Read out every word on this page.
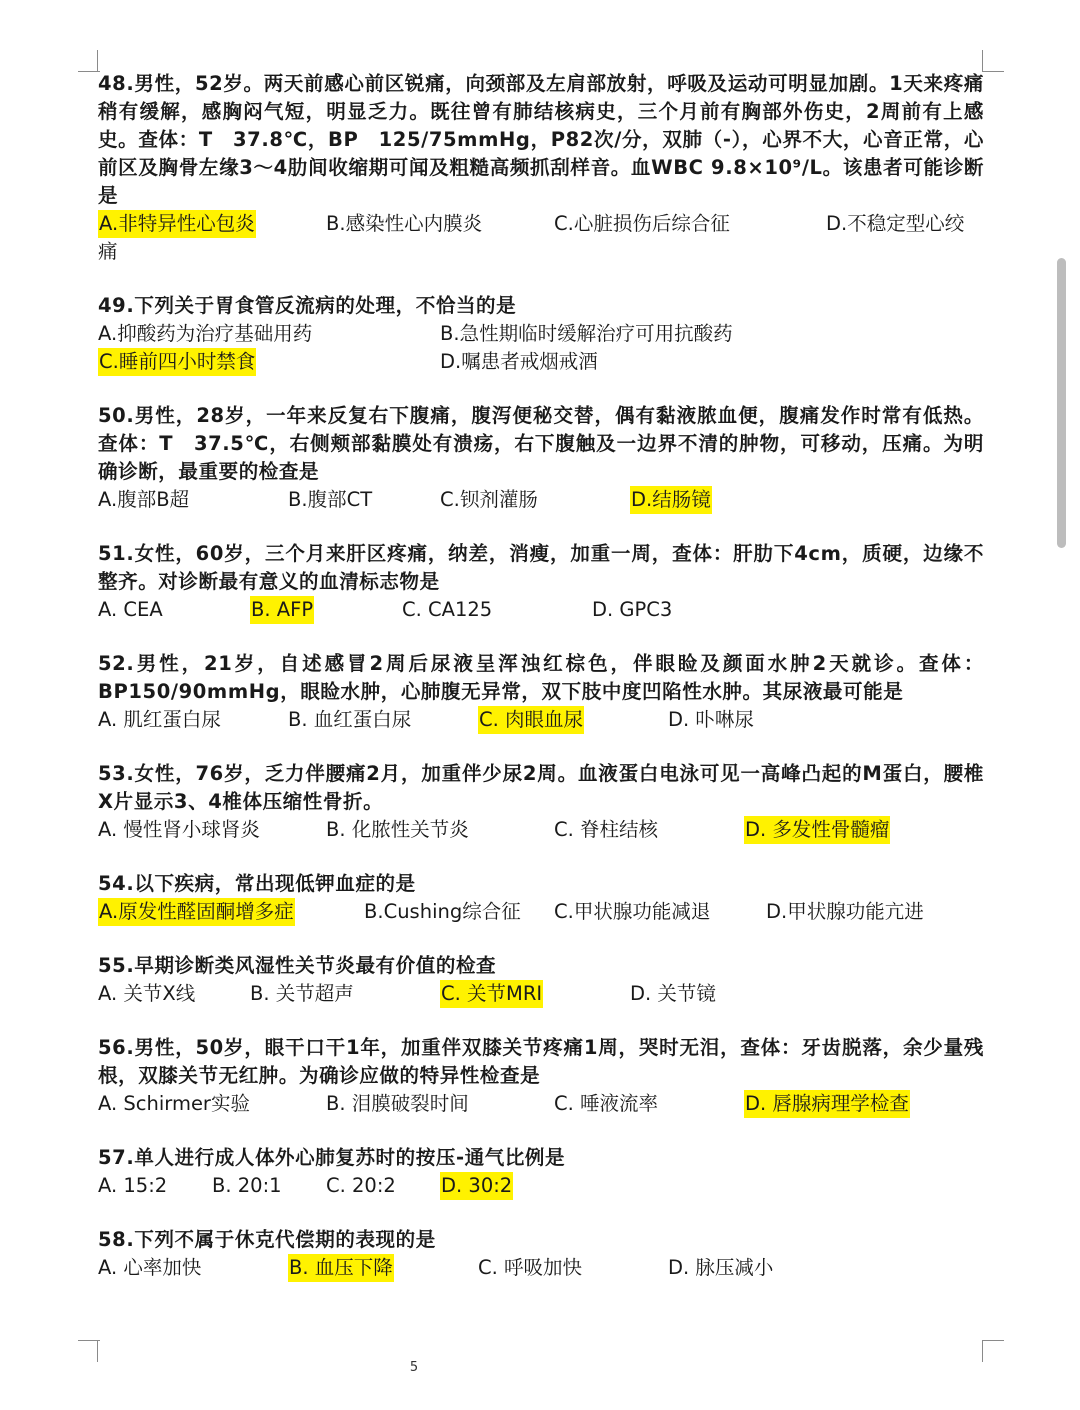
48.男性，52岁。两天前感心前区锐痛，向颈部及左肩部放射，呼吸及运动可明显加剧。1天来疼痛稍有缓解，感胸闷气短，明显乏力。既往曾有肺结核病史，三个月前有胸部外伤史，2周前有上感史。查体：T　37.8℃，BP　125/75mmHg，P82次/分，双肺（-），心界不大，心音正常，心前区及胸骨左缘3～4肋间收缩期可闻及粗糙高频抓刮样音。血WBC 9.8×10⁹/L。该患者可能诊断是
A.非特异性心包炎	B.感染性心内膜炎	C.心脏损伤后综合征	D.不稳定型心绞
痛
49.下列关于胃食管反流病的处理，不恰当的是
A.抑酸药为治疗基础用药	B.急性期临时缓解治疗可用抗酸药
C.睡前四小时禁食	D.嘱患者戒烟戒酒
50.男性，28岁，一年来反复右下腹痛，腹泻便秘交替，偶有黏液脓血便，腹痛发作时常有低热。查体：T　37.5℃，右侧颊部黏膜处有溃疡，右下腹触及一边界不清的肿物，可移动，压痛。为明确诊断，最重要的检查是
A.腹部B超	B.腹部CT	C.钡剂灌肠	D.结肠镜
51.女性，60岁，三个月来肝区疼痛，纳差，消瘦，加重一周，查体：肝肋下4cm，质硬，边缘不整齐。对诊断最有意义的血清标志物是
A. CEA	B. AFP	C. CA125	D. GPC3
52.男性，21岁，自述感冒2周后尿液呈浑浊红棕色，伴眼睑及颜面水肿2天就诊。查体：BP150/90mmHg，眼睑水肿，心肺腹无异常，双下肢中度凹陷性水肿。其尿液最可能是
A. 肌红蛋白尿	B. 血红蛋白尿	C. 肉眼血尿	D. 卟啉尿
53.女性，76岁，乏力伴腰痛2月，加重伴少尿2周。血液蛋白电泳可见一高峰凸起的M蛋白，腰椎X片显示3、4椎体压缩性骨折。
A. 慢性肾小球肾炎	B. 化脓性关节炎	C. 脊柱结核	D. 多发性骨髓瘤
54.以下疾病，常出现低钾血症的是
A.原发性醛固酮增多症	B.Cushing综合征 C.甲状腺功能减退	D.甲状腺功能亢进
55.早期诊断类风湿性关节炎最有价值的检查
A. 关节X线	B. 关节超声	C. 关节MRI	D. 关节镜
56.男性，50岁，眼干口干1年，加重伴双膝关节疼痛1周，哭时无泪，查体：牙齿脱落，余少量残根，双膝关节无红肿。为确诊应做的特异性检查是
A. Schirmer实验	B. 泪膜破裂时间	C. 唾液流率	D. 唇腺病理学检查
57.单人进行成人体外心肺复苏时的按压-通气比例是
A. 15:2 B. 20:1 C. 20:2 D. 30:2
58.下列不属于休克代偿期的表现的是
A. 心率加快	B. 血压下降	C. 呼吸加快	D. 脉压减小
5
